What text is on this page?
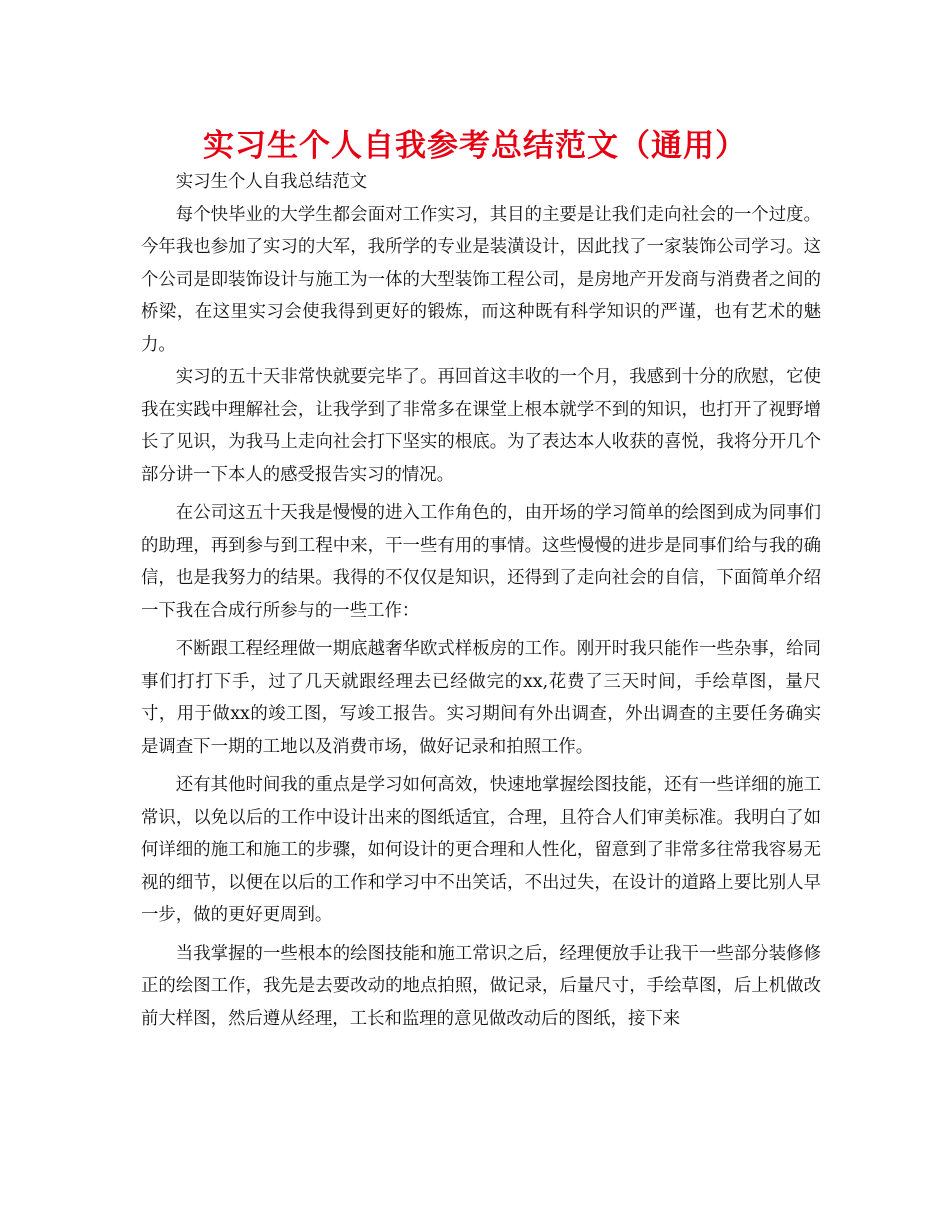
实习生个人自我参考总结范文（通用）

实习生个人自我总结范文

每个快毕业的大学生都会面对工作实习，其目的主要是让我们走向社会的一个过度。今年我也参加了实习的大军，我所学的专业是装潢设计，因此找了一家装饰公司学习。这个公司是即装饰设计与施工为一体的大型装饰工程公司，是房地产开发商与消费者之间的桥梁，在这里实习会使我得到更好的锻炼，而这种既有科学知识的严谨，也有艺术的魅力。

实习的五十天非常快就要完毕了。再回首这丰收的一个月，我感到十分的欣慰，它使我在实践中理解社会，让我学到了非常多在课堂上根本就学不到的知识，也打开了视野增长了见识，为我马上走向社会打下坚实的根底。为了表达本人收获的喜悦，我将分开几个部分讲一下本人的感受报告实习的情况。

在公司这五十天我是慢慢的进入工作角色的，由开场的学习简单的绘图到成为同事们的助理，再到参与到工程中来，干一些有用的事情。这些慢慢的进步是同事们给与我的确信，也是我努力的结果。我得的不仅仅是知识，还得到了走向社会的自信，下面简单介绍一下我在合成行所参与的一些工作：

不断跟工程经理做一期底越奢华欧式样板房的工作。刚开时我只能作一些杂事，给同事们打打下手，过了几天就跟经理去已经做完的xx,花费了三天时间，手绘草图，量尺寸，用于做xx的竣工图，写竣工报告。实习期间有外出调查，外出调查的主要任务确实是调查下一期的工地以及消费市场，做好记录和拍照工作。

还有其他时间我的重点是学习如何高效，快速地掌握绘图技能，还有一些详细的施工常识，以免以后的工作中设计出来的图纸适宜，合理，且符合人们审美标准。我明白了如何详细的施工和施工的步骤，如何设计的更合理和人性化，留意到了非常多往常我容易无视的细节，以便在以后的工作和学习中不出笑话，不出过失，在设计的道路上要比别人早一步，做的更好更周到。

当我掌握的一些根本的绘图技能和施工常识之后，经理便放手让我干一些部分装修修正的绘图工作，我先是去要改动的地点拍照，做记录，后量尺寸，手绘草图，后上机做改前大样图，然后遵从经理，工长和监理的意见做改动后的图纸，接下来
